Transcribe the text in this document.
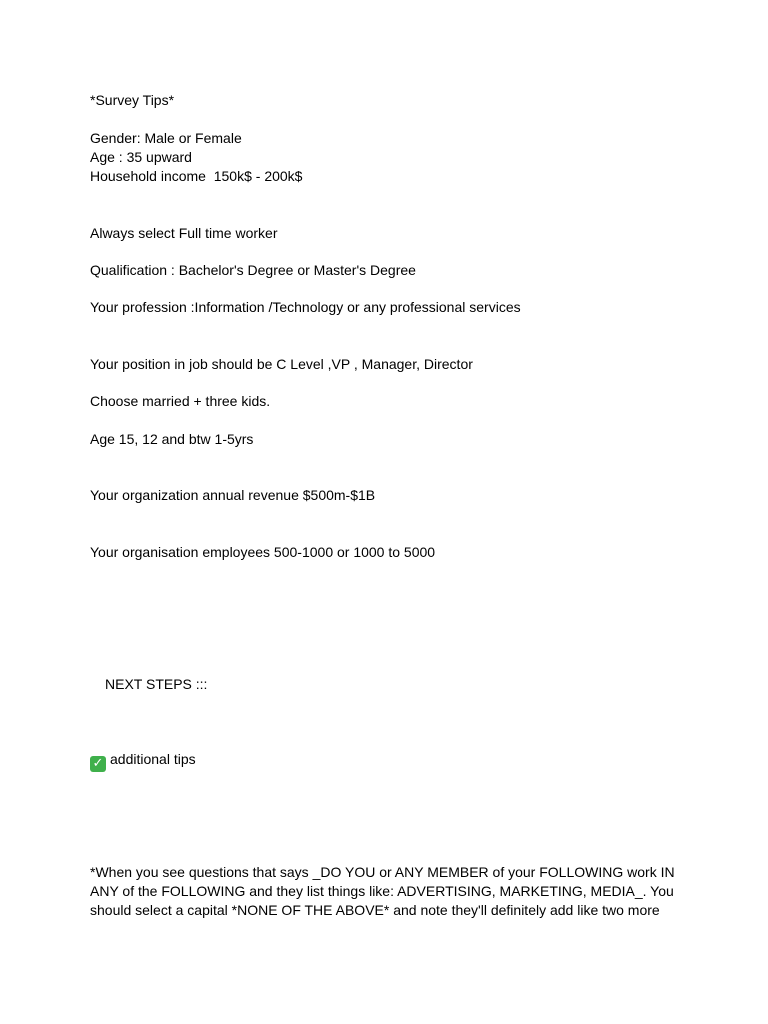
*Survey Tips*

Gender: Male or Female

Age : 35 upward

Household income  150k$ - 200k$

Always select Full time worker

Qualification : Bachelor's Degree or Master's Degree

Your profession :Information /Technology or any professional services

Your position in job should be C Level ,VP , Manager, Director

Choose married + three kids.

Age 15, 12 and btw 1-5yrs

Your organization annual revenue $500m-$1B

Your organisation employees 500-1000 or 1000 to 5000

NEXT STEPS :::

✓ additional tips

*When you see questions that says _DO YOU or ANY MEMBER of your FOLLOWING work IN ANY of the FOLLOWING and they list things like: ADVERTISING, MARKETING, MEDIA_. You should select a capital *NONE OF THE ABOVE* and note they'll definitely add like two more
